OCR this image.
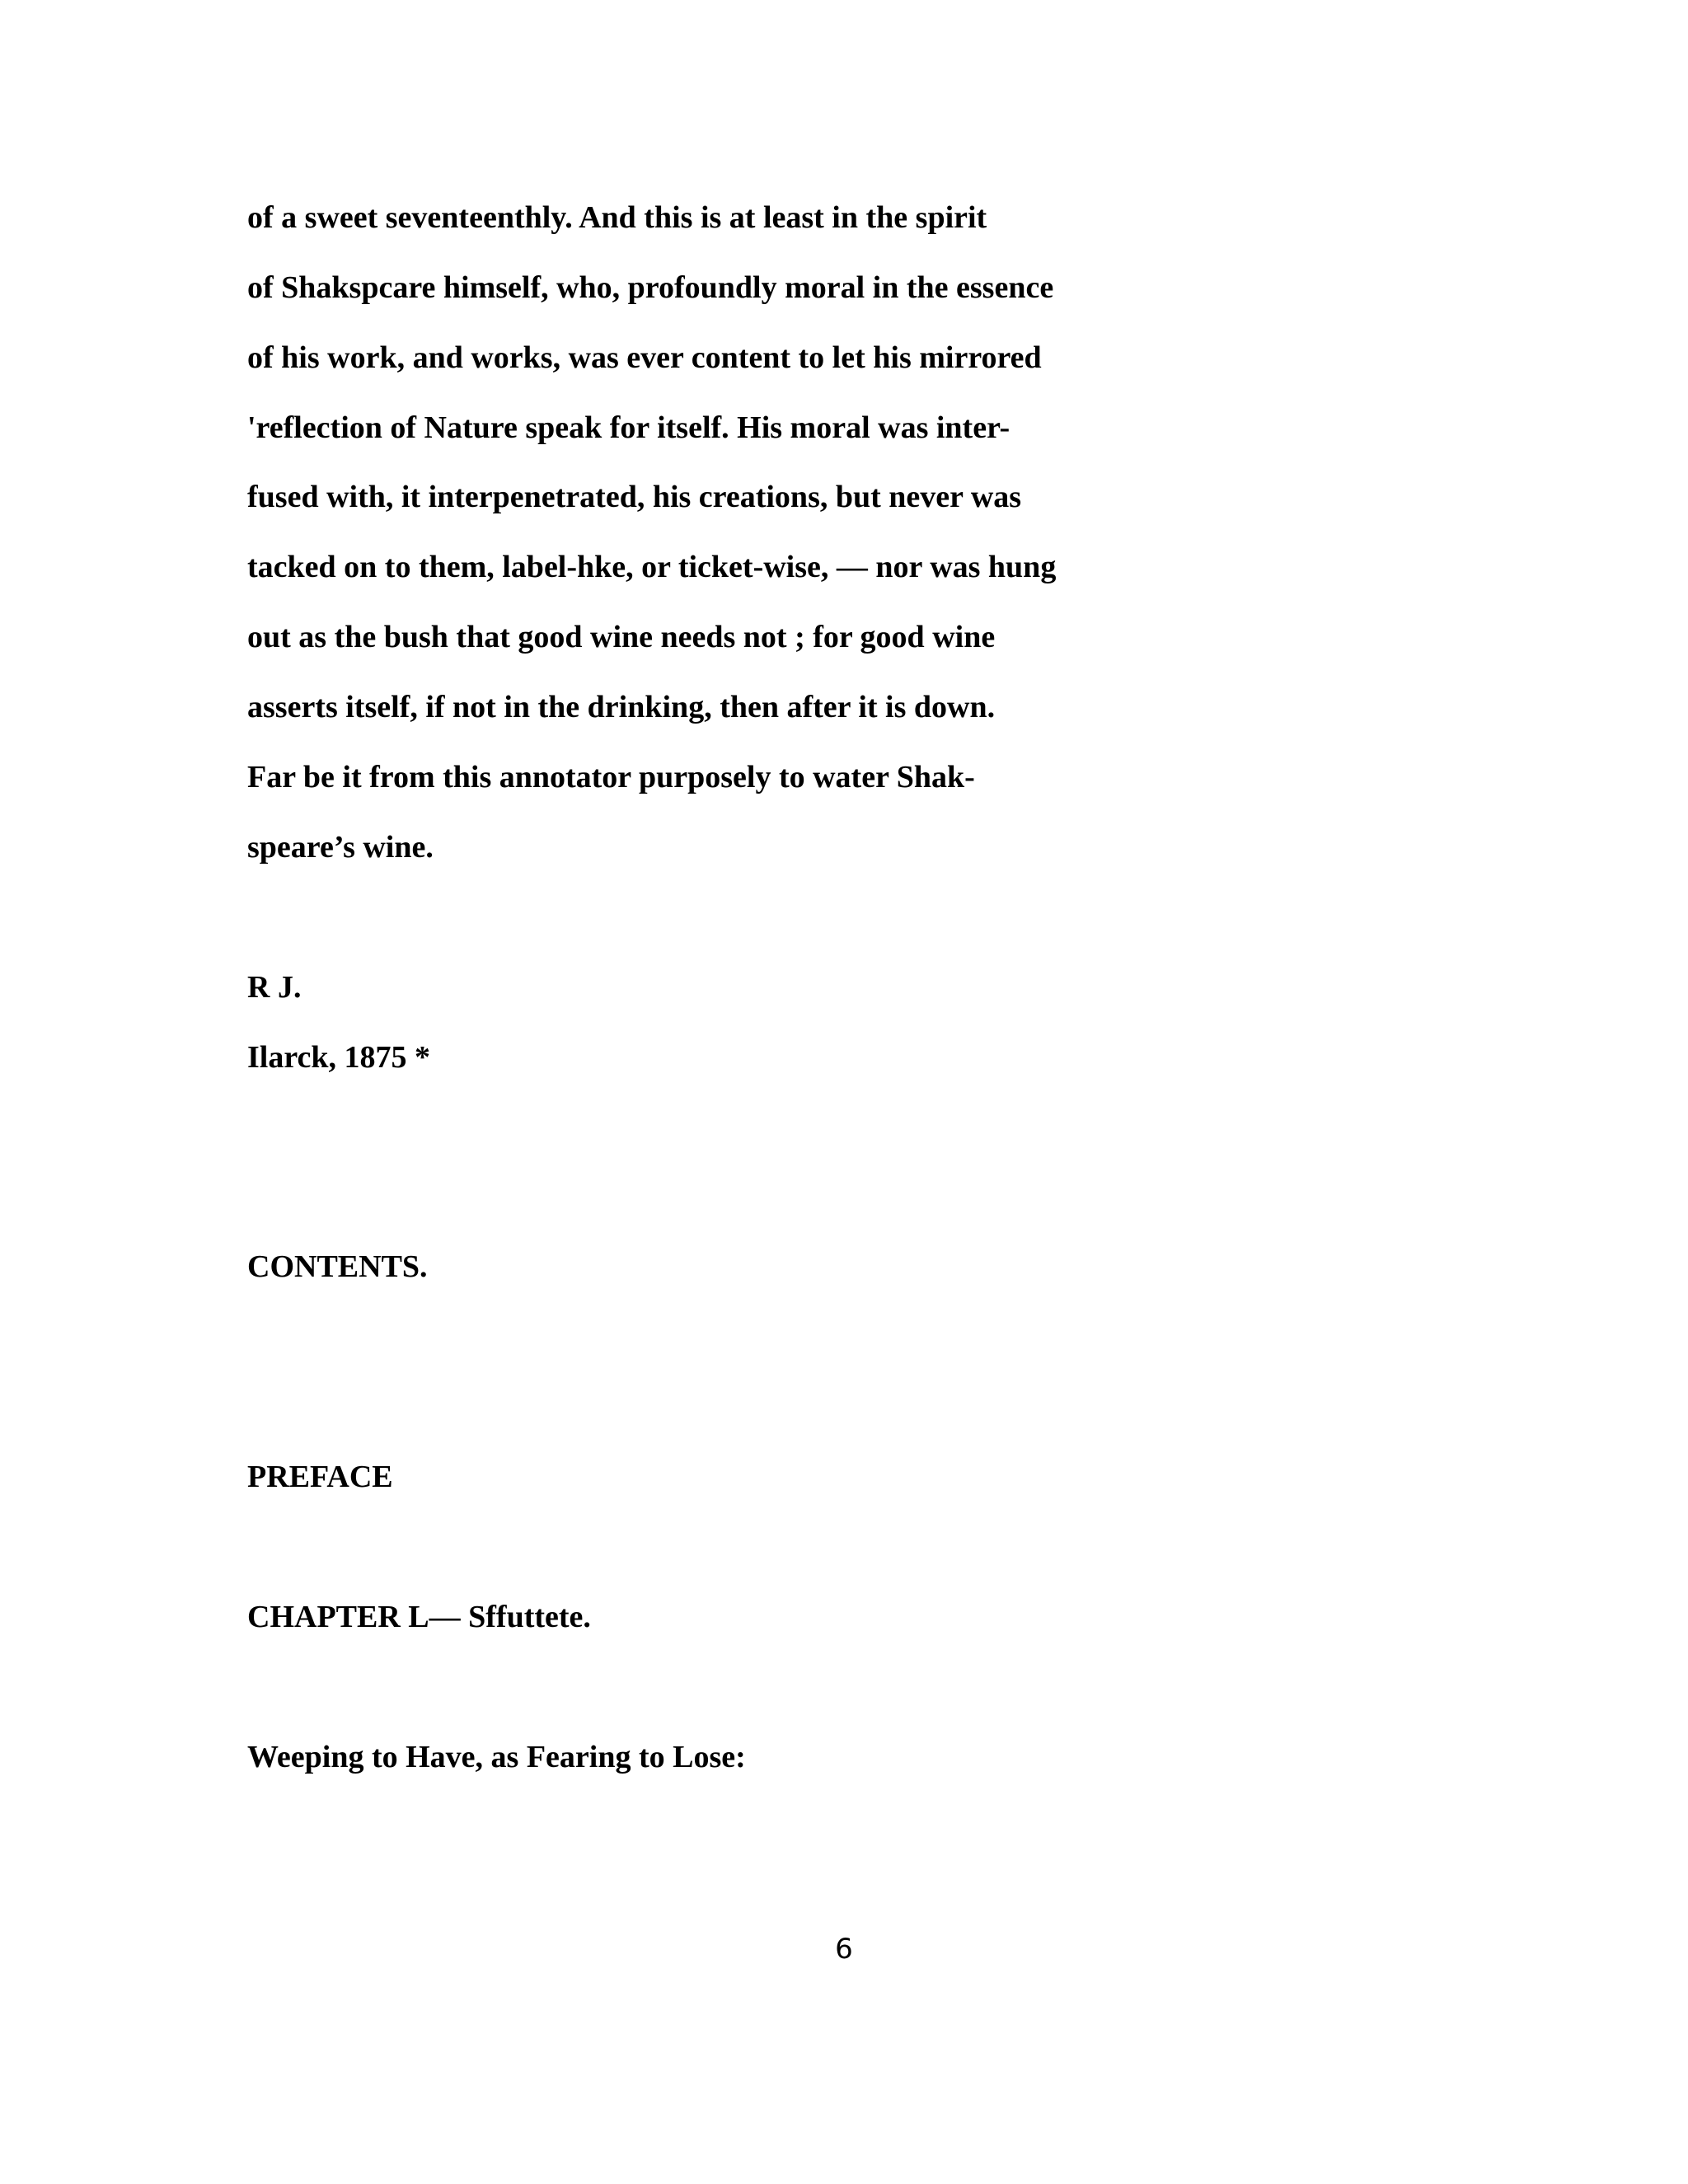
of a sweet seventeenthly. And this is at least in the spirit
of Shakspcare himself, who, profoundly moral in the essence
of his work, and works, was ever content to let his mirrored
'reflection of Nature speak for itself. His moral was inter-
fused with, it interpenetrated, his creations, but never was
tacked on to them, label-hke, or ticket-wise, — nor was hung
out as the bush that good wine needs not ; for good wine
asserts itself, if not in the drinking, then after it is down.
Far be it from this annotator purposely to water Shak-
speare’s wine.
R J.
Ilarck, 1875 *
CONTENTS.
PREFACE
CHAPTER L— Sffuttete.
Weeping to Have, as Fearing to Lose:
6
